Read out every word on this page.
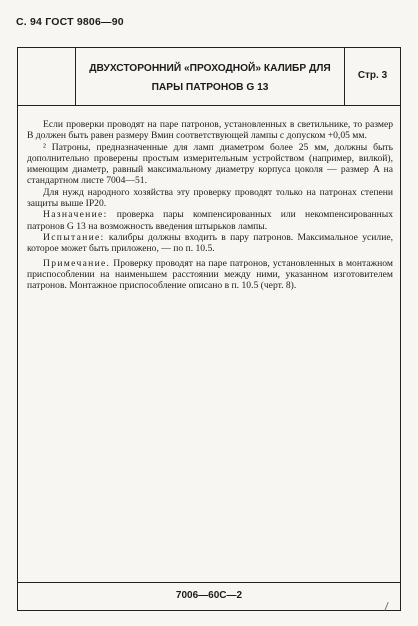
С. 94 ГОСТ 9806—90
ДВУХСТОРОННИЙ «ПРОХОДНОЙ» КАЛИБР ДЛЯ
ПАРЫ ПАТРОНОВ G 13
Стр. 3

Если проверки проводят на паре патронов, установленных в светильнике, то размер B должен быть равен размеру Bмин соответствующей лампы с допуском +0,05 мм.

² Патроны, предназначенные для ламп диаметром более 25 мм, должны быть дополнительно проверены простым измерительным устройством (например, вилкой), имеющим диаметр, равный максимальному диаметру корпуса цоколя — размер A на стандартном листе 7004—51.

Для нужд народного хозяйства эту проверку проводят только на патронах степени защиты выше IP20.

Назначение: проверка пары компенсированных или некомпенсированных патронов G 13 на возможность введения штырьков лампы.

Испытание: калибры должны входить в пару патронов. Максимальное усилие, которое может быть приложено, — по п. 10.5.

Примечание. Проверку проводят на паре патронов, установленных в монтажном приспособлении на наименьшем расстоянии между ними, указанном изготовителем патронов. Монтажное приспособление описано в п. 10.5 (черт. 8).

7006—60С—2
